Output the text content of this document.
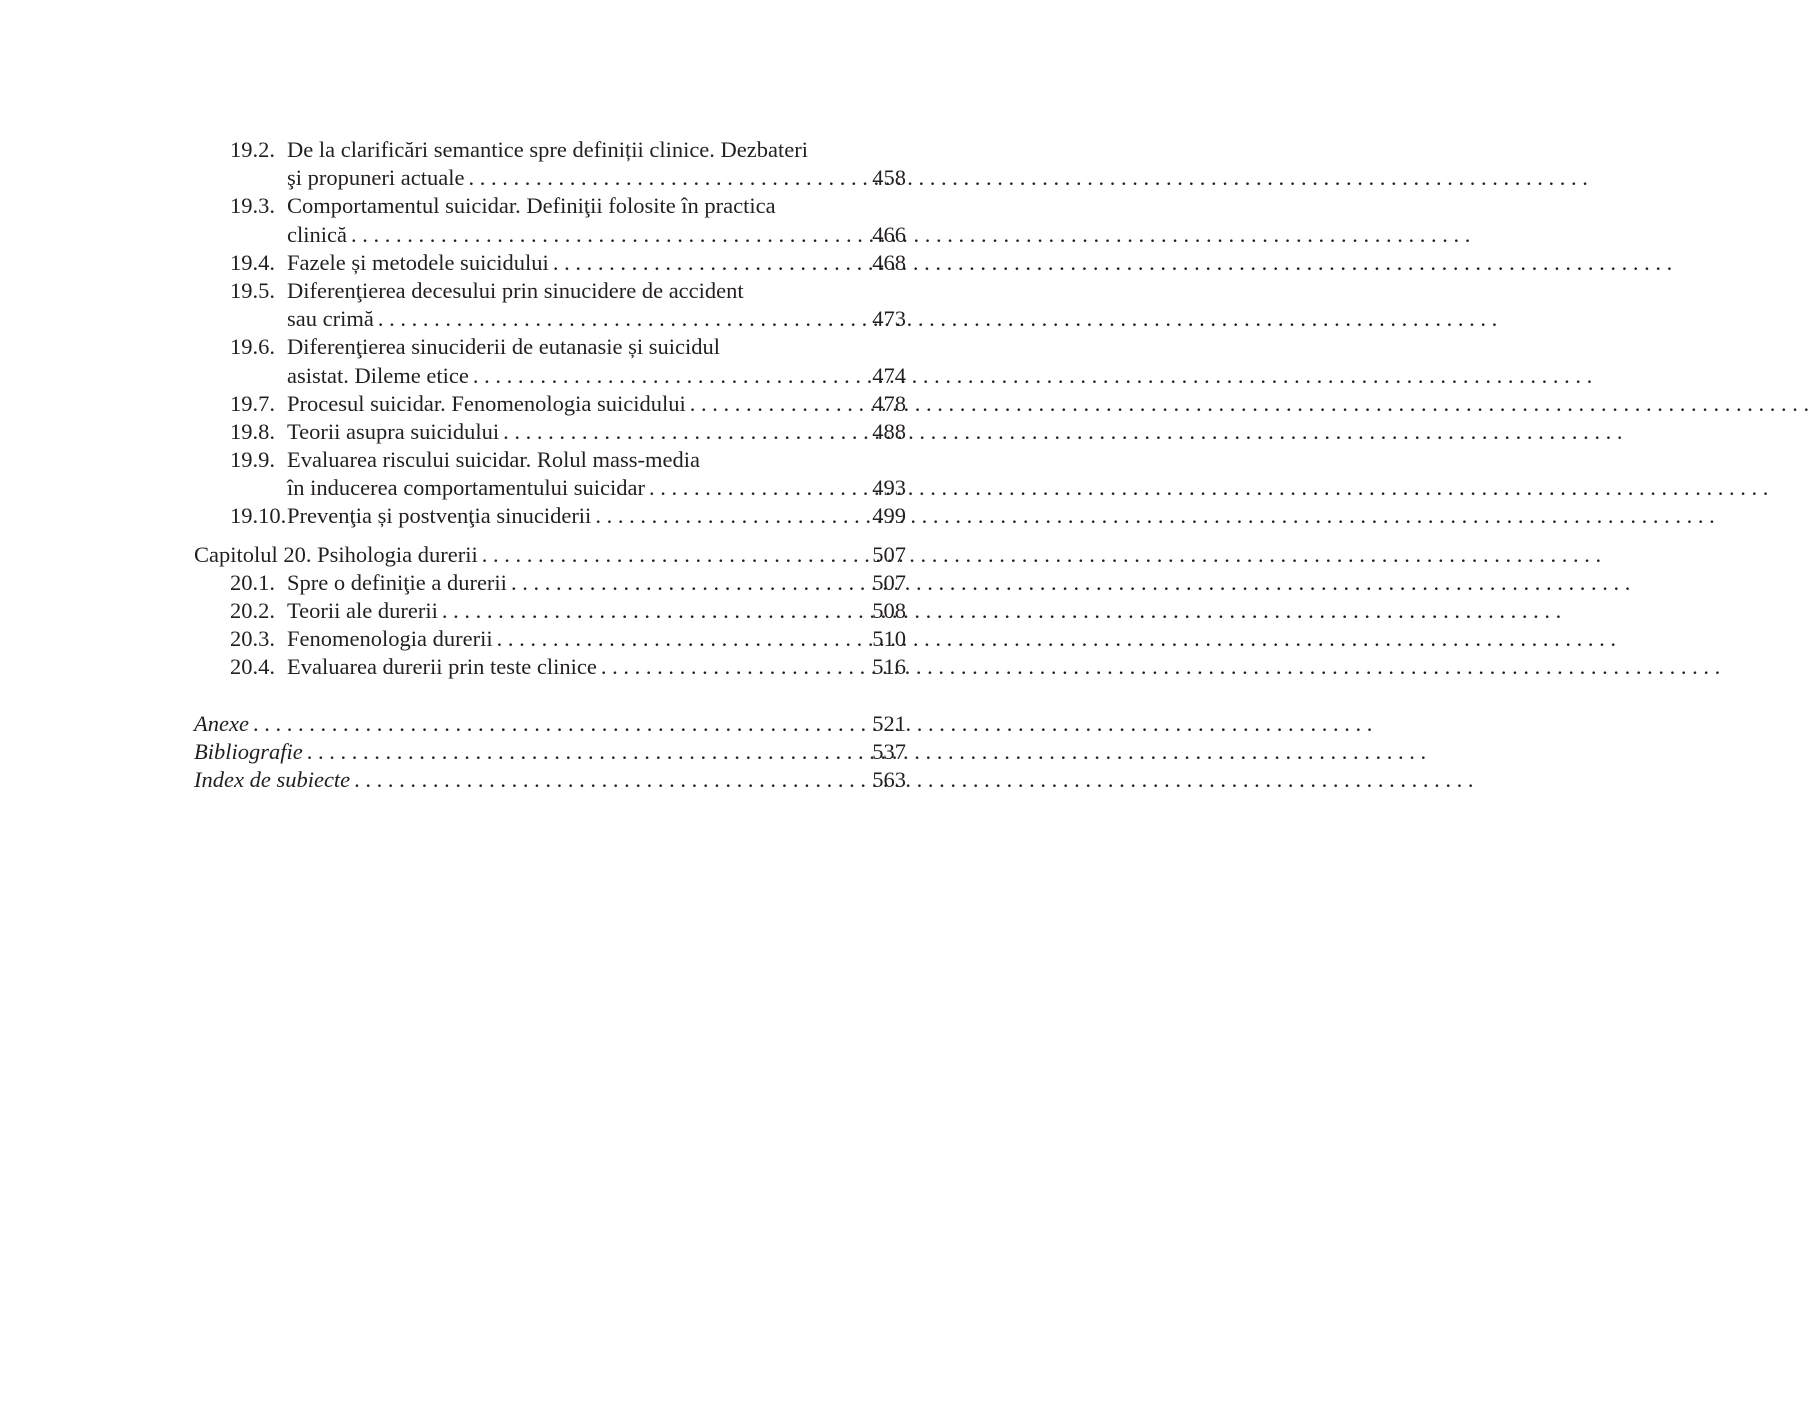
19.2. De la clarificări semantice spre definiții clinice. Dezbateri
şi propuneri actuale . . .	458
19.3. Comportamentul suicidar. Definiţii folosite în practica
clinică . . .	466
19.4. Fazele și metodele suicidului . . .	468
19.5. Diferenţierea decesului prin sinucidere de accident
sau crimă . . .	473
19.6. Diferenţierea sinuciderii de eutanasie și suicidul
asistat. Dileme etice . . .	474
19.7. Procesul suicidar. Fenomenologia suicidului . . .	478
19.8. Teorii asupra suicidului . . .	488
19.9. Evaluarea riscului suicidar. Rolul mass-media
în inducerea comportamentului suicidar . . .	493
19.10. Prevenţia și postvenţia sinuciderii . . .	499
Capitolul 20. Psihologia durerii . . .	507
20.1. Spre o definiţie a durerii . . .	507
20.2. Teorii ale durerii . . .	508
20.3. Fenomenologia durerii . . .	510
20.4. Evaluarea durerii prin teste clinice . . .	516
Anexe . . .	521
Bibliografie . . .	537
Index de subiecte . . .	563
